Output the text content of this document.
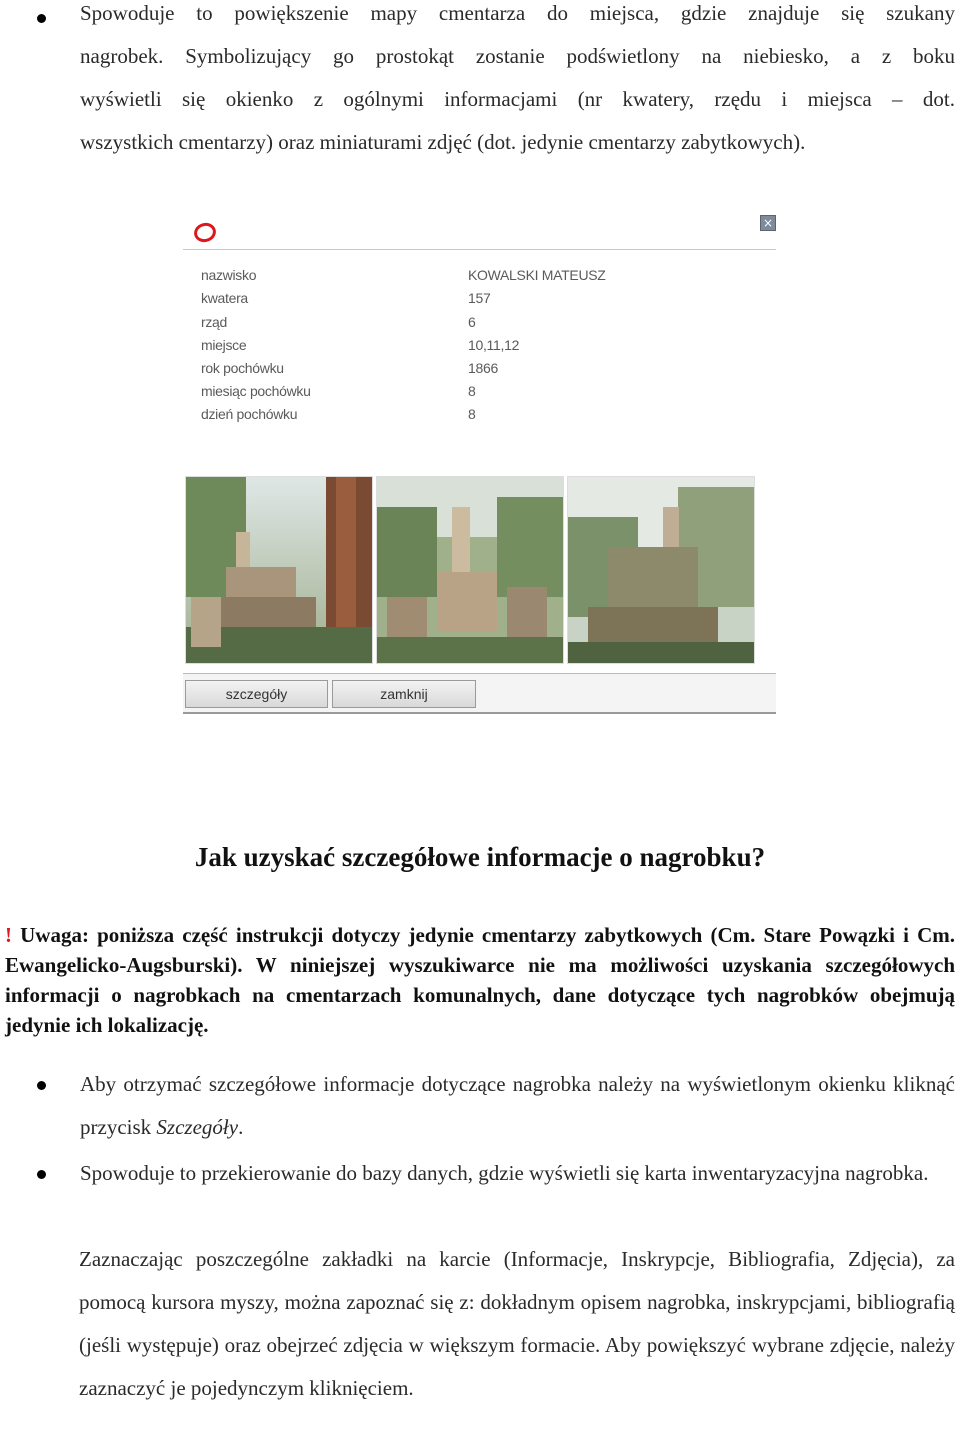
Spowoduje to powiększenie mapy cmentarza do miejsca, gdzie znajduje się szukany
nagrobek. Symbolizujący go prostokąt zostanie podświetlony na niebiesko, a z boku
wyświetli się okienko z ogólnymi informacjami (nr kwatery, rzędu i miejsca – dot.
wszystkich cmentarzy) oraz miniaturami zdjęć (dot. jedynie cmentarzy zabytkowych).
×
nazwisko
kwatera
rząd
miejsce
rok pochówku
miesiąc pochówku
dzień pochówku
KOWALSKI MATEUSZ
157
6
10,11,12
1866
8
8
szczegóły	zamknij
Jak uzyskać szczegółowe informacje o nagrobku?
! Uwaga: poniższa część instrukcji dotyczy jedynie cmentarzy zabytkowych (Cm. Stare Powązki i Cm. Ewangelicko-Augsburski). W niniejszej wyszukiwarce nie ma możliwości uzyskania szczegółowych informacji o nagrobkach na cmentarzach komunalnych, dane dotyczące tych nagrobków obejmują jedynie ich lokalizację.
Aby otrzymać szczegółowe informacje dotyczące nagrobka należy na wyświetlonym okienku kliknąć przycisk Szczegóły.
Spowoduje to przekierowanie do bazy danych, gdzie wyświetli się karta inwentaryzacyjna nagrobka.
Zaznaczając poszczególne zakładki na karcie (Informacje, Inskrypcje, Bibliografia, Zdjęcia), za pomocą kursora myszy, można zapoznać się z: dokładnym opisem nagrobka, inskrypcjami, bibliografią (jeśli występuje) oraz obejrzeć zdjęcia w większym formacie. Aby powiększyć wybrane zdjęcie, należy zaznaczyć je pojedynczym kliknięciem.
